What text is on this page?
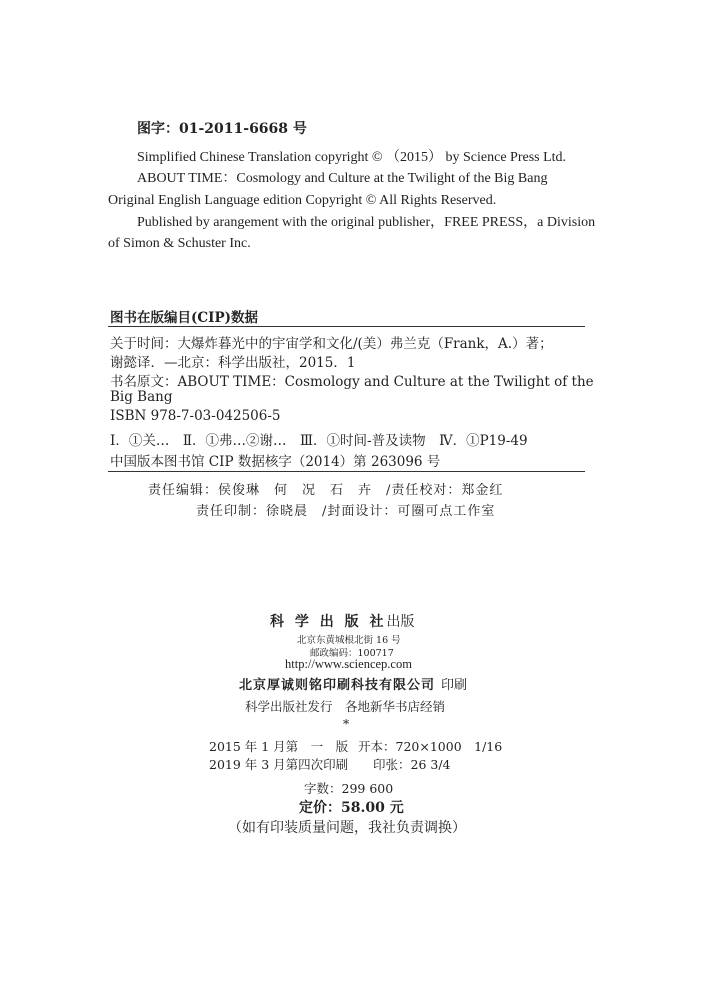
图字：01-2011-6668 号
Simplified Chinese Translation copyright © （2015） by Science Press Ltd.
ABOUT TIME：Cosmology and Culture at the Twilight of the Big Bang
Original English Language edition Copyright © All Rights Reserved.
Published by arangement with the original publisher，FREE PRESS，a Division
of Simon & Schuster Inc.
图书在版编目(CIP)数据
关于时间：大爆炸暮光中的宇宙学和文化/(美）弗兰克（Frank，A.）著；
谢懿译．—北京：科学出版社，2015．1
书名原文：ABOUT TIME：Cosmology and Culture at the Twilight of the
Big Bang
ISBN 978-7-03-042506-5
Ⅰ．①关…　Ⅱ．①弗…②谢…　Ⅲ．①时间-普及读物　Ⅳ．①P19-49
中国版本图书馆 CIP 数据核字（2014）第 263096 号
责任编辑：侯俊琳　何　况　石　卉　/责任校对：郑金红
责任印制：徐晓晨　/封面设计：可圈可点工作室
科 学 出 版 社出版
北京东黄城根北街 16 号
邮政编码：100717
http://www.sciencep.com
北京厚诚则铭印刷科技有限公司 印刷
科学出版社发行　各地新华书店经销
*
2015 年 1 月第　一　版 开本：720×1000　1/16
2019 年 3 月第四次印刷 印张：26 3/4
字数：299 600
定价：58.00 元
（如有印装质量问题，我社负责调换）
